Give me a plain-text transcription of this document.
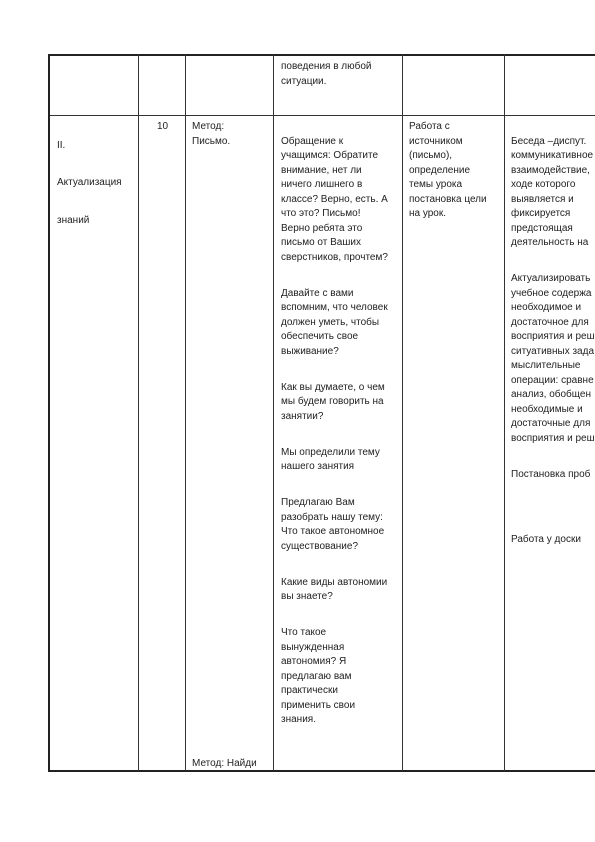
поведения в любой
ситуации.

II.

Актуализация

знаний

10	Метод:
Письмо.
Метод: Найди

Обращение к
учащимся: Обратите
внимание, нет ли
ничего лишнего в
классе? Верно, есть. А
что это? Письмо!
Верно ребята это
письмо от Ваших
сверстников, прочтем?

Давайте с вами
вспомним, что человек
должен уметь, чтобы
обеспечить свое
выживание?

Как вы думаете, о чем
мы будем говорить на
занятии?

Мы определили тему
нашего занятия

Предлагаю Вам
разобрать нашу тему:
Что такое автономное
существование?

Какие виды автономии
вы знаете?

Что такое
вынужденная
автономия? Я
предлагаю вам
практически
применить свои
знания.

Работа с
источником
(письмо),
определение
темы урока
постановка цели
на урок.

Беседа –диспут.
коммуникативное
взаимодействие,
ходе которого
выявляется и
фиксируется
предстоящая
деятельность на

Актуализировать
учебное содержа
необходимое и
достаточное для
восприятия и реш
ситуативных зада
мыслительные
операции: сравне
анализ, обобщен
необходимые и
достаточные для
восприятия и реш

Постановка проб

Работа у доски
